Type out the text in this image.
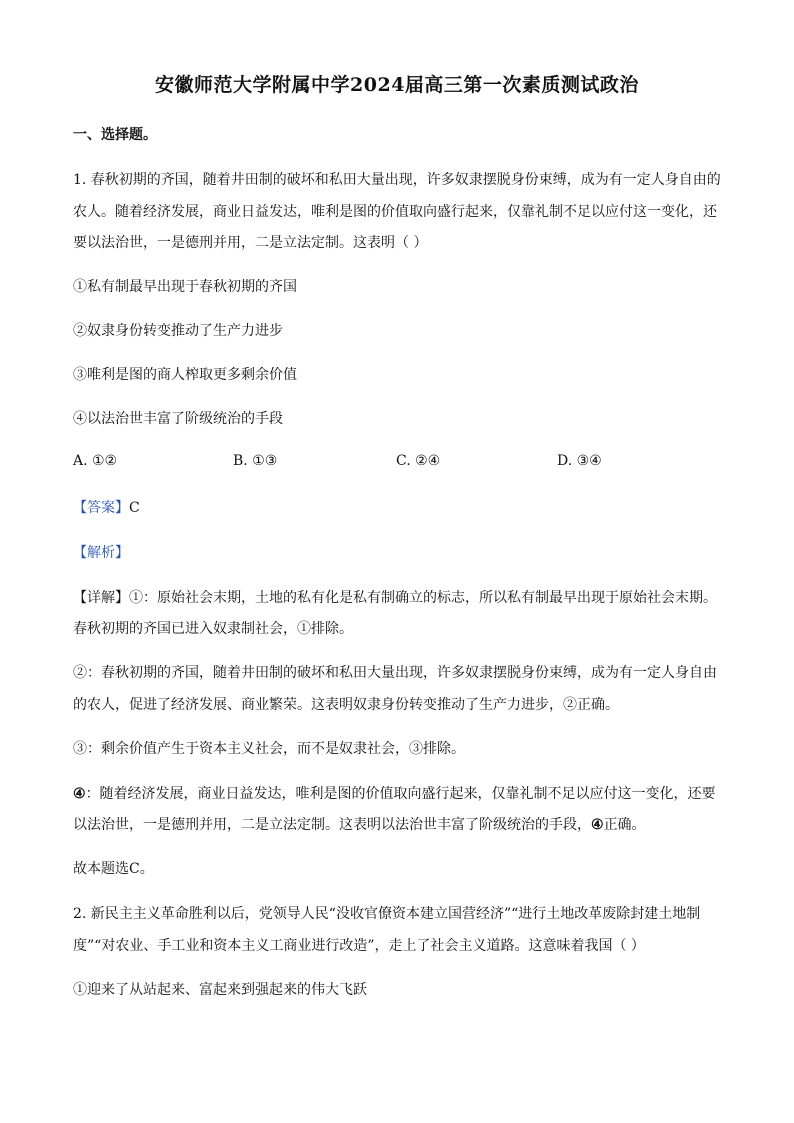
安徽师范大学附属中学2024届高三第一次素质测试政治
一、选择题。
1. 春秋初期的齐国，随着井田制的破坏和私田大量出现，许多奴隶摆脱身份束缚，成为有一定人身自由的
农人。随着经济发展，商业日益发达，唯利是图的价值取向盛行起来，仅靠礼制不足以应付这一变化，还
要以法治世，一是德刑并用，二是立法定制。这表明（ ）
①私有制最早出现于春秋初期的齐国
②奴隶身份转变推动了生产力进步
③唯利是图的商人榨取更多剩余价值
④以法治世丰富了阶级统治的手段
A. ①②	B. ①③	C. ②④	D. ③④
【答案】C
【解析】
【详解】①：原始社会末期，土地的私有化是私有制确立的标志，所以私有制最早出现于原始社会末期。
春秋初期的齐国已进入奴隶制社会，①排除。
②：春秋初期的齐国，随着井田制的破坏和私田大量出现，许多奴隶摆脱身份束缚，成为有一定人身自由
的农人，促进了经济发展、商业繁荣。这表明奴隶身份转变推动了生产力进步，②正确。
③：剩余价值产生于资本主义社会，而不是奴隶社会，③排除。
④：随着经济发展，商业日益发达，唯利是图的价值取向盛行起来，仅靠礼制不足以应付这一变化，还要
以法治世，一是德刑并用，二是立法定制。这表明以法治世丰富了阶级统治的手段，④正确。
故本题选C。
2. 新民主主义革命胜利以后，党领导人民“没收官僚资本建立国营经济”“进行土地改革废除封建土地制
度”“对农业、手工业和资本主义工商业进行改造”，走上了社会主义道路。这意味着我国（ ）
①迎来了从站起来、富起来到强起来的伟大飞跃
